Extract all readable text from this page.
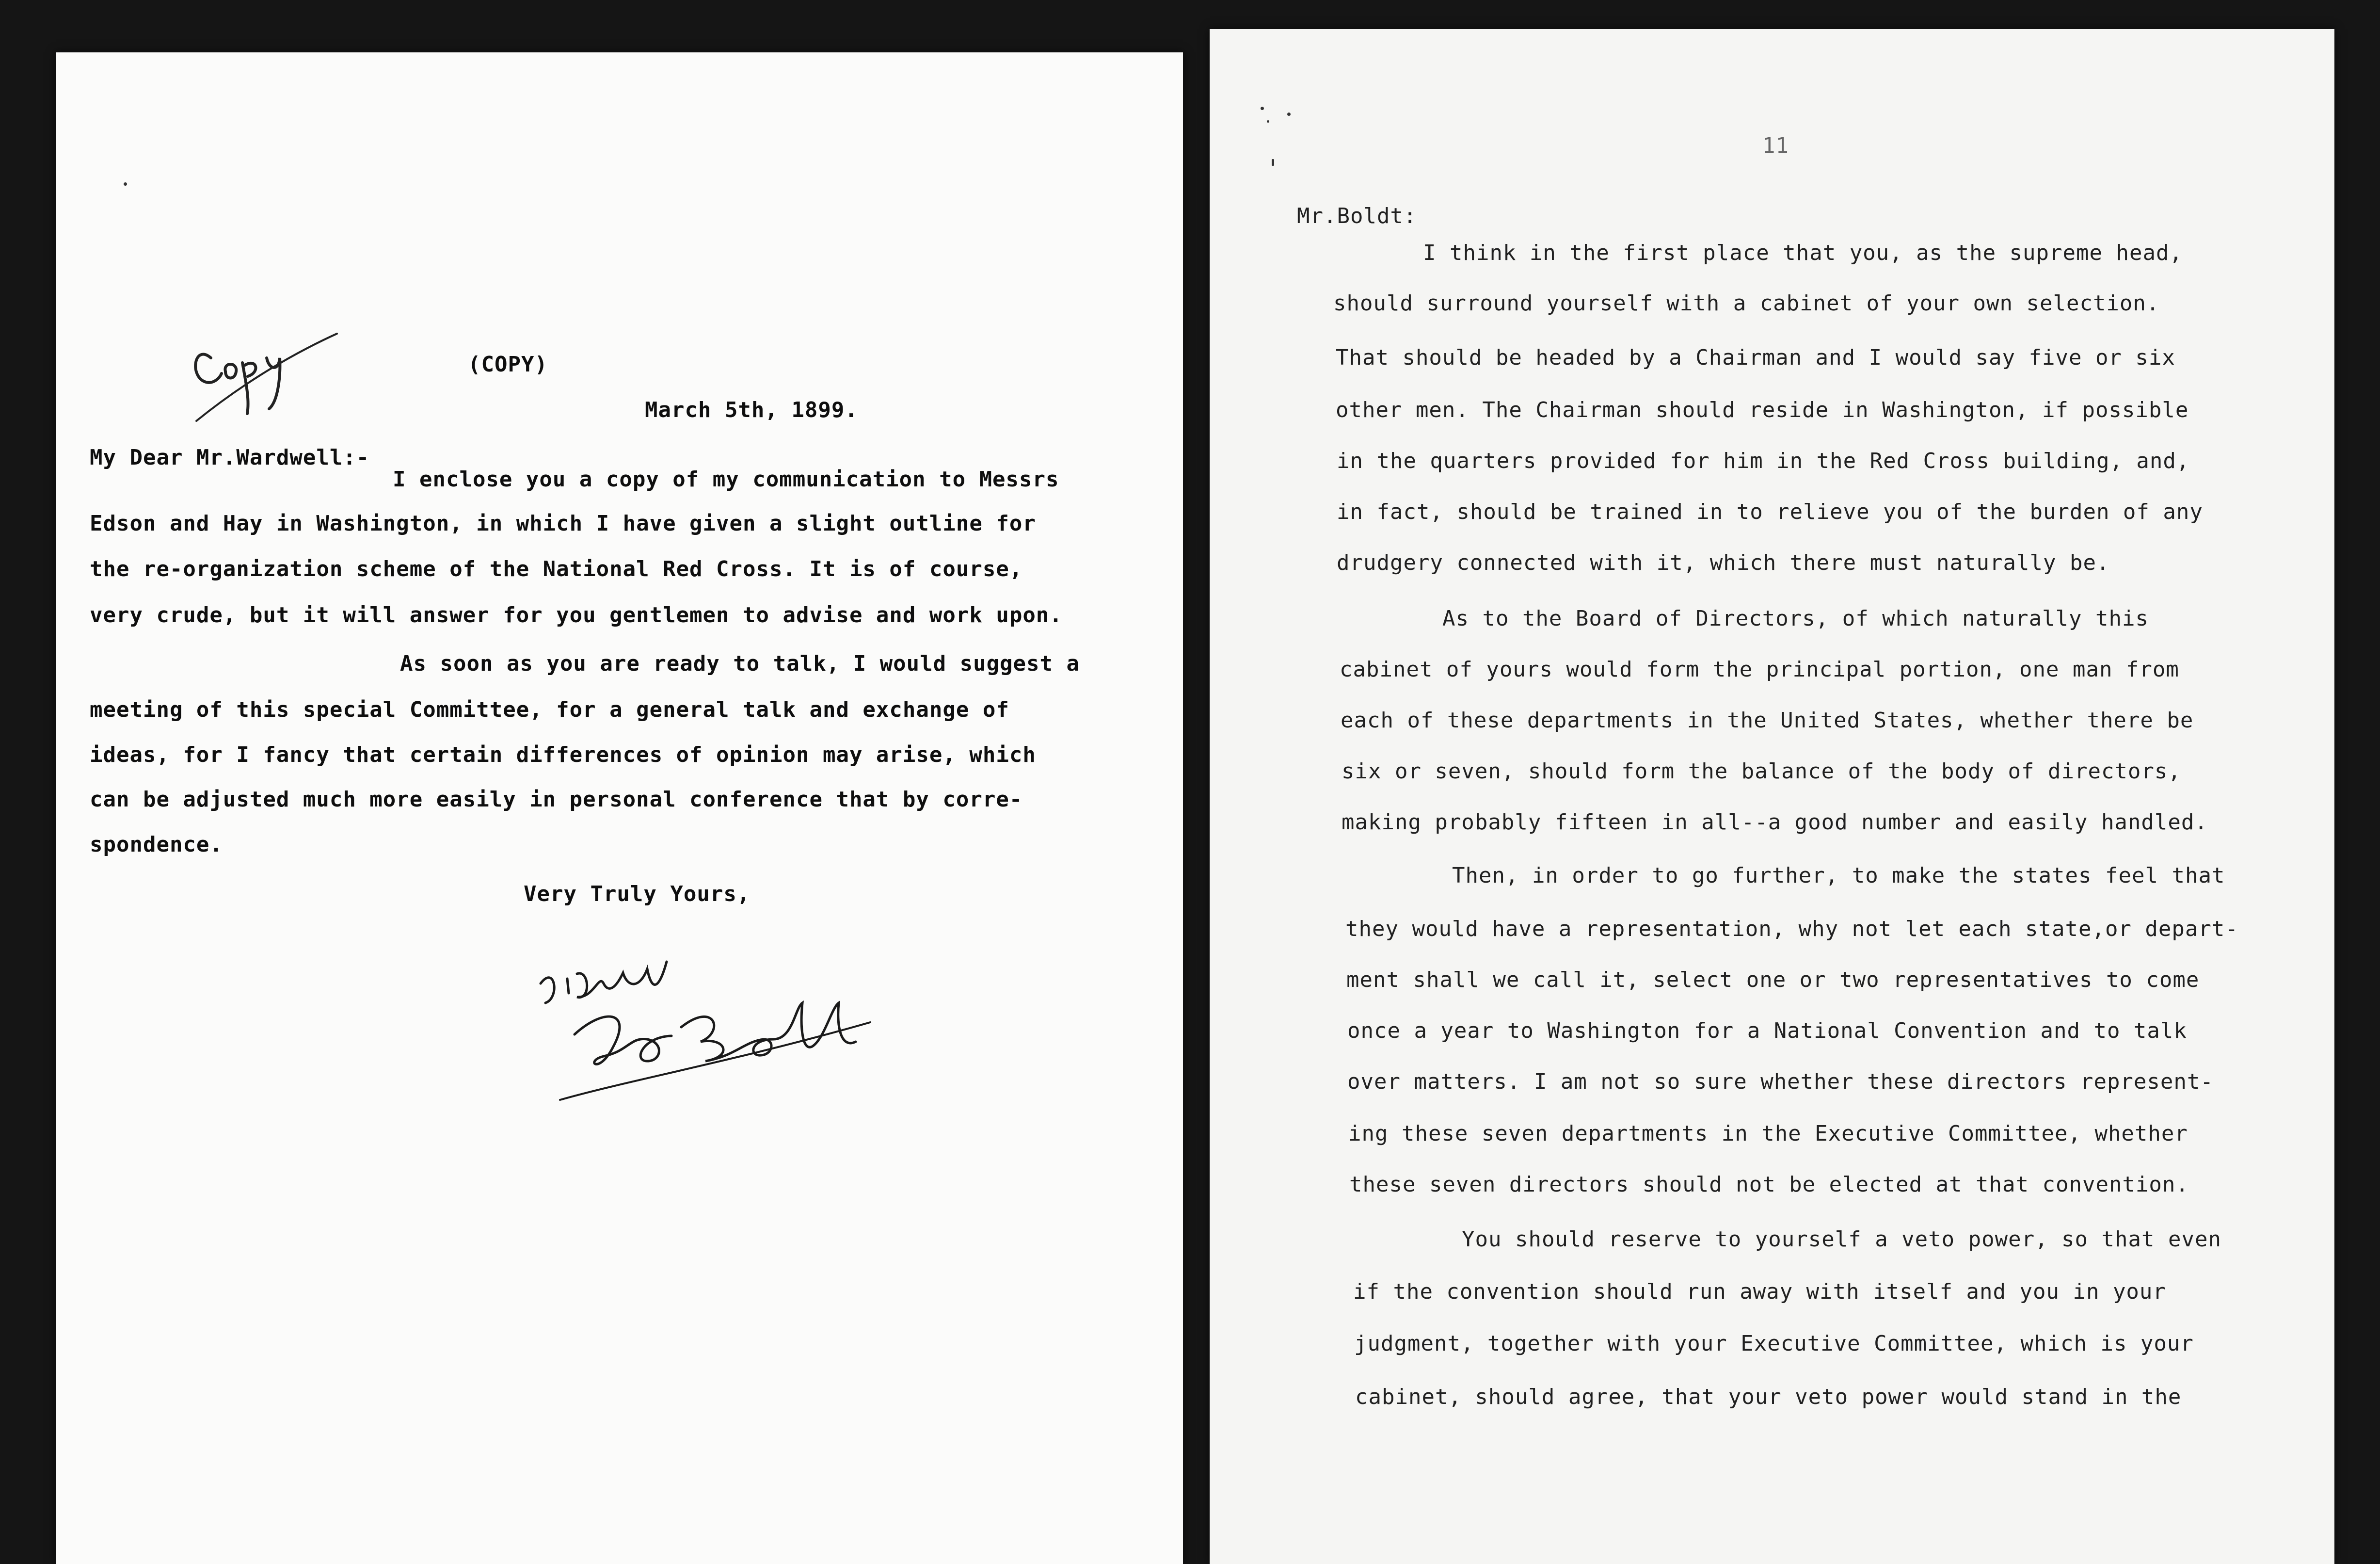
(COPY)
March 5th, 1899.
My Dear Mr.Wardwell:-
I enclose you a copy of my communication to Messrs
Edson and Hay in Washington, in which I have given a slight outline for
the re-organization scheme of the National Red Cross. It is of course,
very crude, but it will answer for you gentlemen to advise and work upon.
As soon as you are ready to talk, I would suggest a
meeting of this special Committee, for a general talk and exchange of
ideas, for I fancy that certain differences of opinion may arise, which
can be adjusted much more easily in personal conference that by corre-
spondence.
Very Truly Yours,
11
Mr.Boldt:
I think in the first place that you, as the supreme head,
should surround yourself with a cabinet of your own selection.
That should be headed by a Chairman and I would say five or six
other men. The Chairman should reside in Washington, if possible
in the quarters provided for him in the Red Cross building, and,
in fact, should be trained in to relieve you of the burden of any
drudgery connected with it, which there must naturally be.
As to the Board of Directors, of which naturally this
cabinet of yours would form the principal portion, one man from
each of these departments in the United States, whether there be
six or seven, should form the balance of the body of directors,
making probably fifteen in all--a good number and easily handled.
Then, in order to go further, to make the states feel that
they would have a representation, why not let each state,or depart-
ment shall we call it, select one or two representatives to come
once a year to Washington for a National Convention and to talk
over matters. I am not so sure whether these directors represent-
ing these seven departments in the Executive Committee, whether
these seven directors should not be elected at that convention.
You should reserve to yourself a veto power, so that even
if the convention should run away with itself and you in your
judgment, together with your Executive Committee, which is your
cabinet, should agree, that your veto power would stand in the
